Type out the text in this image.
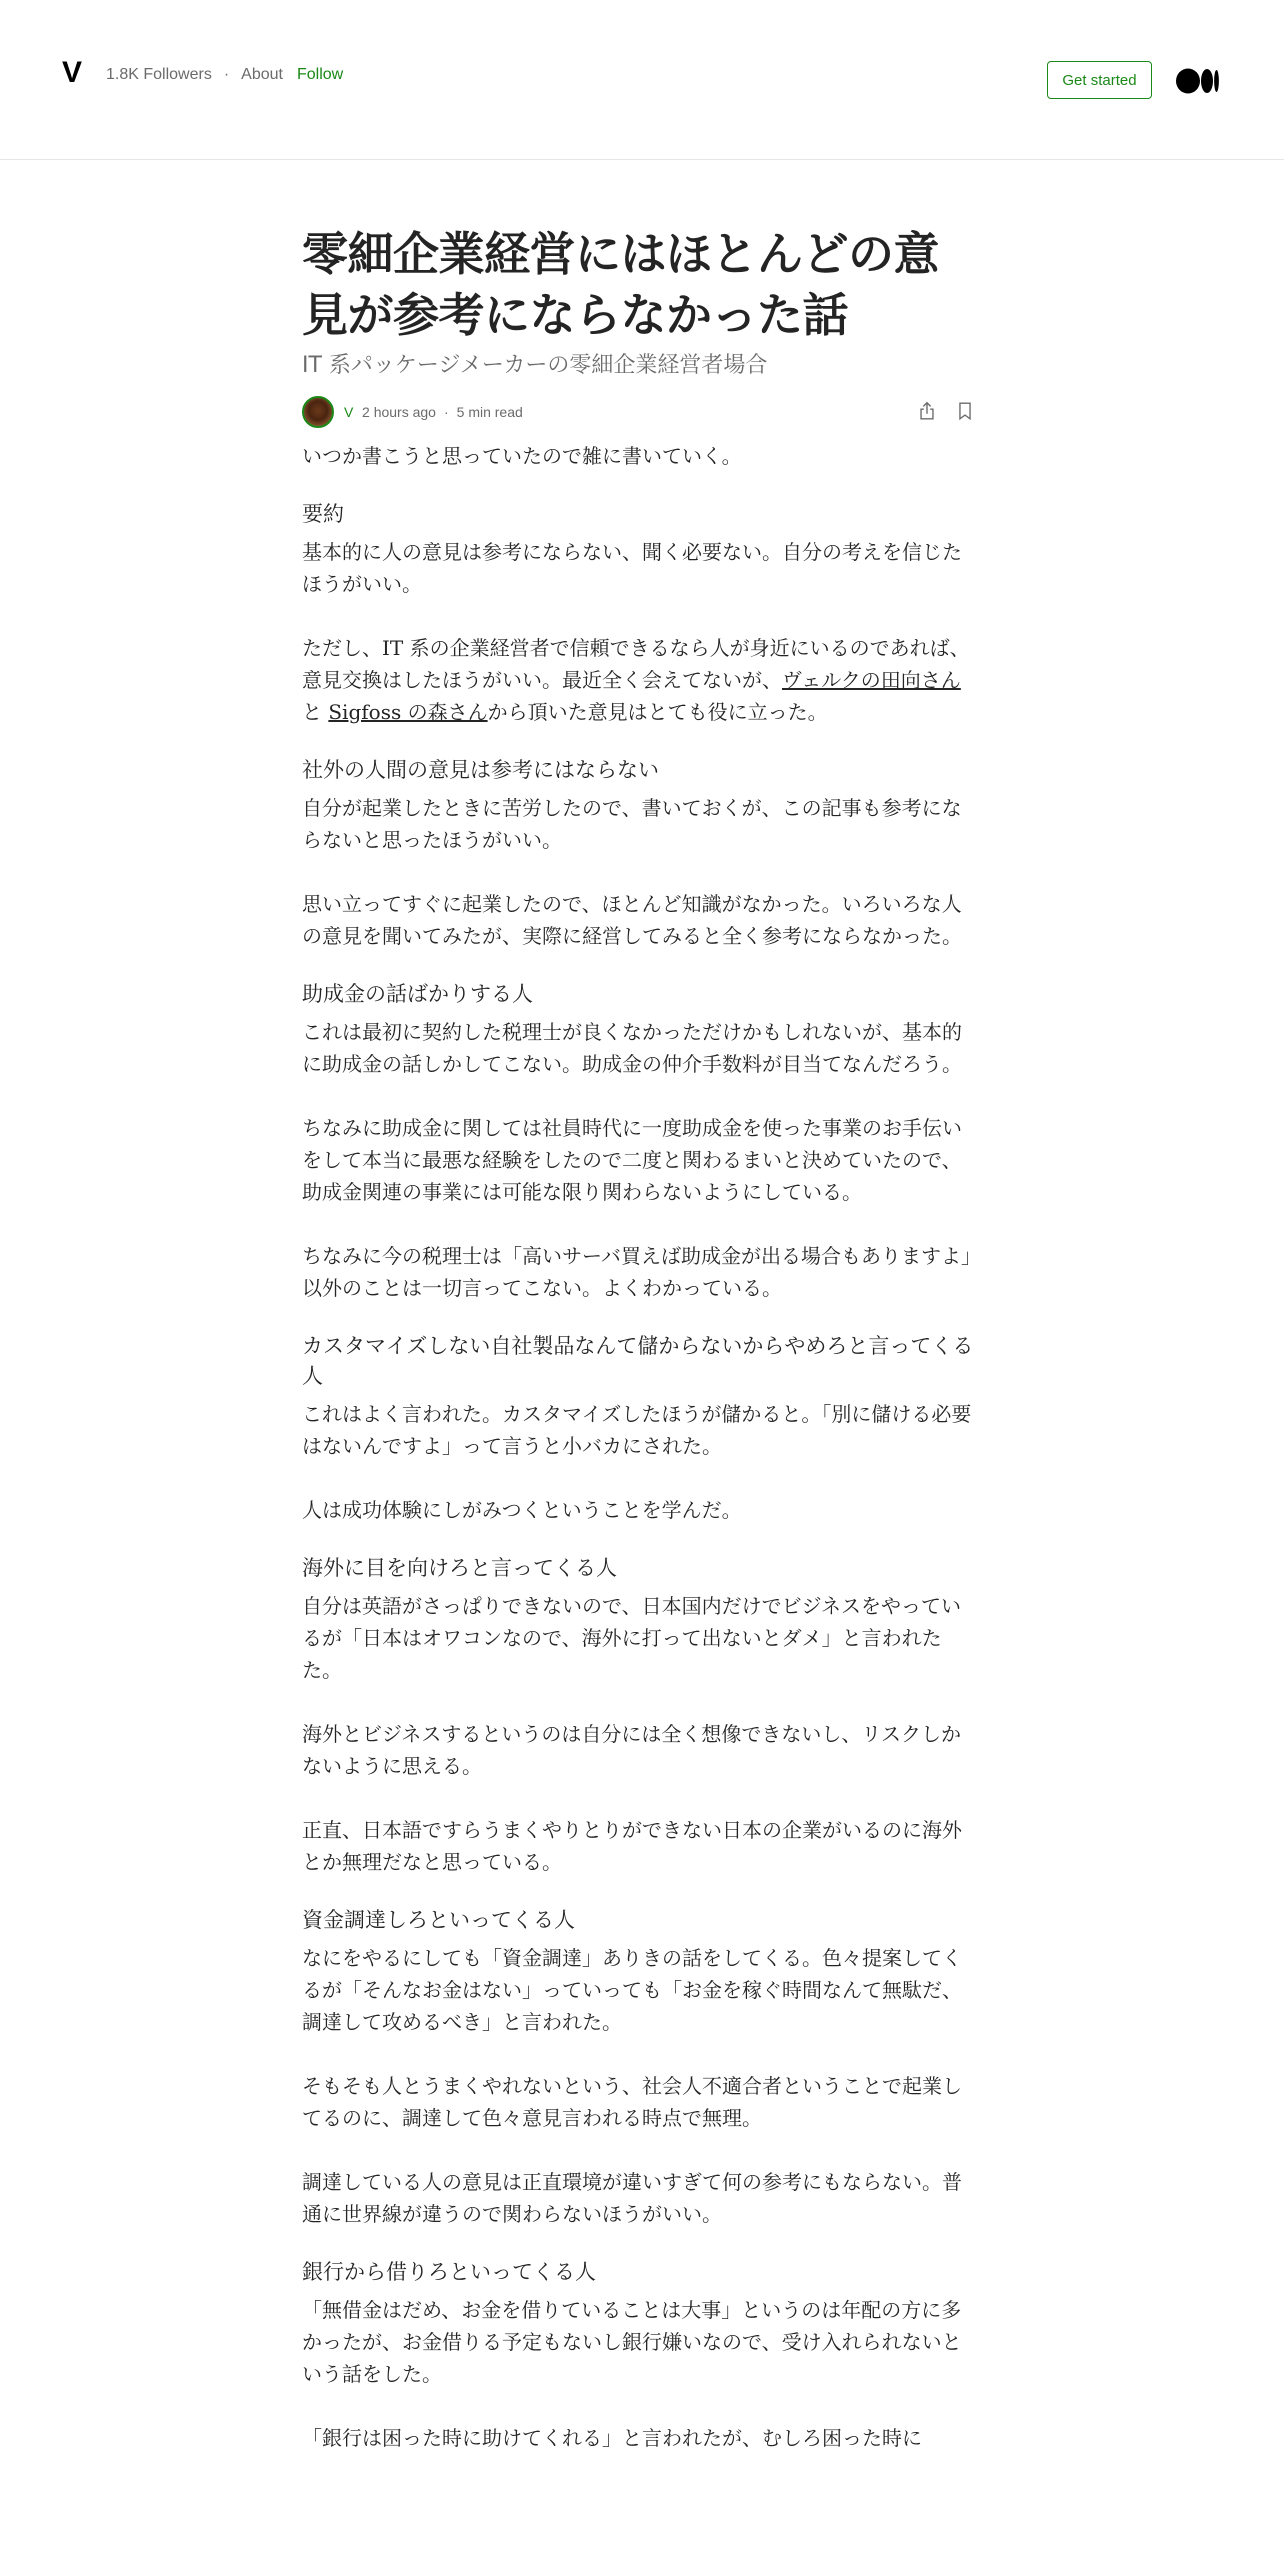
V 1.8K Followers · About Follow	Get started
零細企業経営にはほとんどの意見が参考にならなかった話
IT 系パッケージメーカーの零細企業経営者場合
V 2 hours ago · 5 min read

いつか書こうと思っていたので雑に書いていく。

要約

基本的に人の意見は参考にならない、聞く必要ない。自分の考えを信じたほうがいい。

ただし、IT 系の企業経営者で信頼できるなら人が身近にいるのであれば、意見交換はしたほうがいい。最近全く会えてないが、ヴェルクの田向さんと Sigfoss の森さんから頂いた意見はとても役に立った。

社外の人間の意見は参考にはならない

自分が起業したときに苦労したので、書いておくが、この記事も参考にならないと思ったほうがいい。

思い立ってすぐに起業したので、ほとんど知識がなかった。いろいろな人の意見を聞いてみたが、実際に経営してみると全く参考にならなかった。

助成金の話ばかりする人

これは最初に契約した税理士が良くなかっただけかもしれないが、基本的に助成金の話しかしてこない。助成金の仲介手数料が目当てなんだろう。

ちなみに助成金に関しては社員時代に一度助成金を使った事業のお手伝いをして本当に最悪な経験をしたので二度と関わるまいと決めていたので、助成金関連の事業には可能な限り関わらないようにしている。

ちなみに今の税理士は「高いサーバ買えば助成金が出る場合もありますよ」以外のことは一切言ってこない。よくわかっている。

カスタマイズしない自社製品なんて儲からないからやめろと言ってくる人

これはよく言われた。カスタマイズしたほうが儲かると。「別に儲ける必要はないんですよ」って言うと小バカにされた。

人は成功体験にしがみつくということを学んだ。

海外に目を向けろと言ってくる人

自分は英語がさっぱりできないので、日本国内だけでビジネスをやっているが「日本はオワコンなので、海外に打って出ないとダメ」と言われたた。

海外とビジネスするというのは自分には全く想像できないし、リスクしかないように思える。

正直、日本語ですらうまくやりとりができない日本の企業がいるのに海外とか無理だなと思っている。

資金調達しろといってくる人

なにをやるにしても「資金調達」ありきの話をしてくる。色々提案してくるが「そんなお金はない」っていっても「お金を稼ぐ時間なんて無駄だ、調達して攻めるべき」と言われた。

そもそも人とうまくやれないという、社会人不適合者ということで起業してるのに、調達して色々意見言われる時点で無理。

調達している人の意見は正直環境が違いすぎて何の参考にもならない。普通に世界線が違うので関わらないほうがいい。

銀行から借りろといってくる人

「無借金はだめ、お金を借りていることは大事」というのは年配の方に多かったが、お金借りる予定もないし銀行嫌いなので、受け入れられないという話をした。

「銀行は困った時に助けてくれる」と言われたが、むしろ困った時に
